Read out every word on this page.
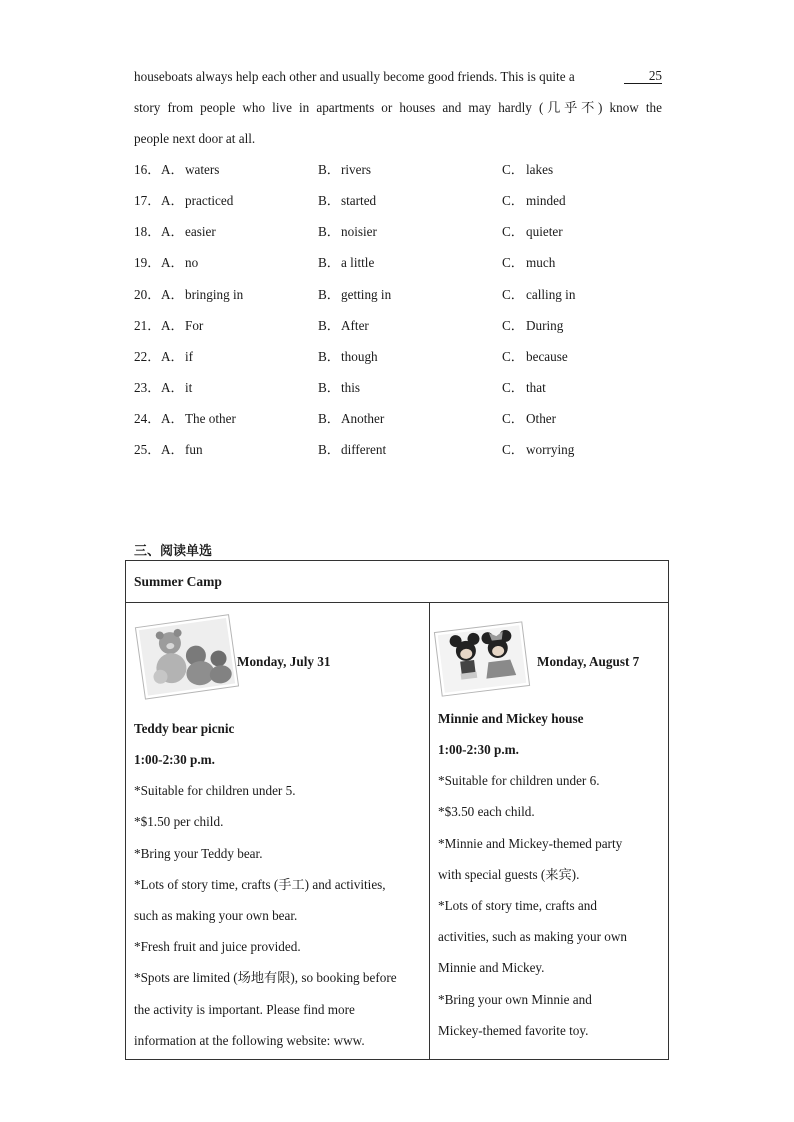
houseboats always help each other and usually become good friends. This is quite a	25
story from people who live in apartments or houses and may hardly (几乎不) know the
people next door at all.
16． A． waters	B． rivers	C． lakes
17． A． practiced	B． started	C． minded
18． A． easier	B． noisier	C． quieter
19． A． no	B． a little	C． much
20． A． bringing in	B． getting in	C． calling in
21． A． For	B． After	C． During
22． A． if	B． though	C． because
23． A． it	B． this	C． that
24． A． The other	B． Another	C． Other
25． A． fun	B． different	C． worrying
三、阅读单选
Summer Camp
Monday, July 31
Teddy bear picnic
1:00-2:30 p.m.
*Suitable for children under 5.
*$1.50 per child.
*Bring your Teddy bear.
*Lots of story time, crafts (手工) and activities,
such as making your own bear.
*Fresh fruit and juice provided.
*Spots are limited (场地有限), so booking before
the activity is important. Please find more
information at the following website: www.
Monday, August 7
Minnie and Mickey house
1:00-2:30 p.m.
*Suitable for children under 6.
*$3.50 each child.
*Minnie and Mickey-themed party
with special guests (来宾).
*Lots of story time, crafts and
activities, such as making your own
Minnie and Mickey.
*Bring your own Minnie and
Mickey-themed favorite toy.
